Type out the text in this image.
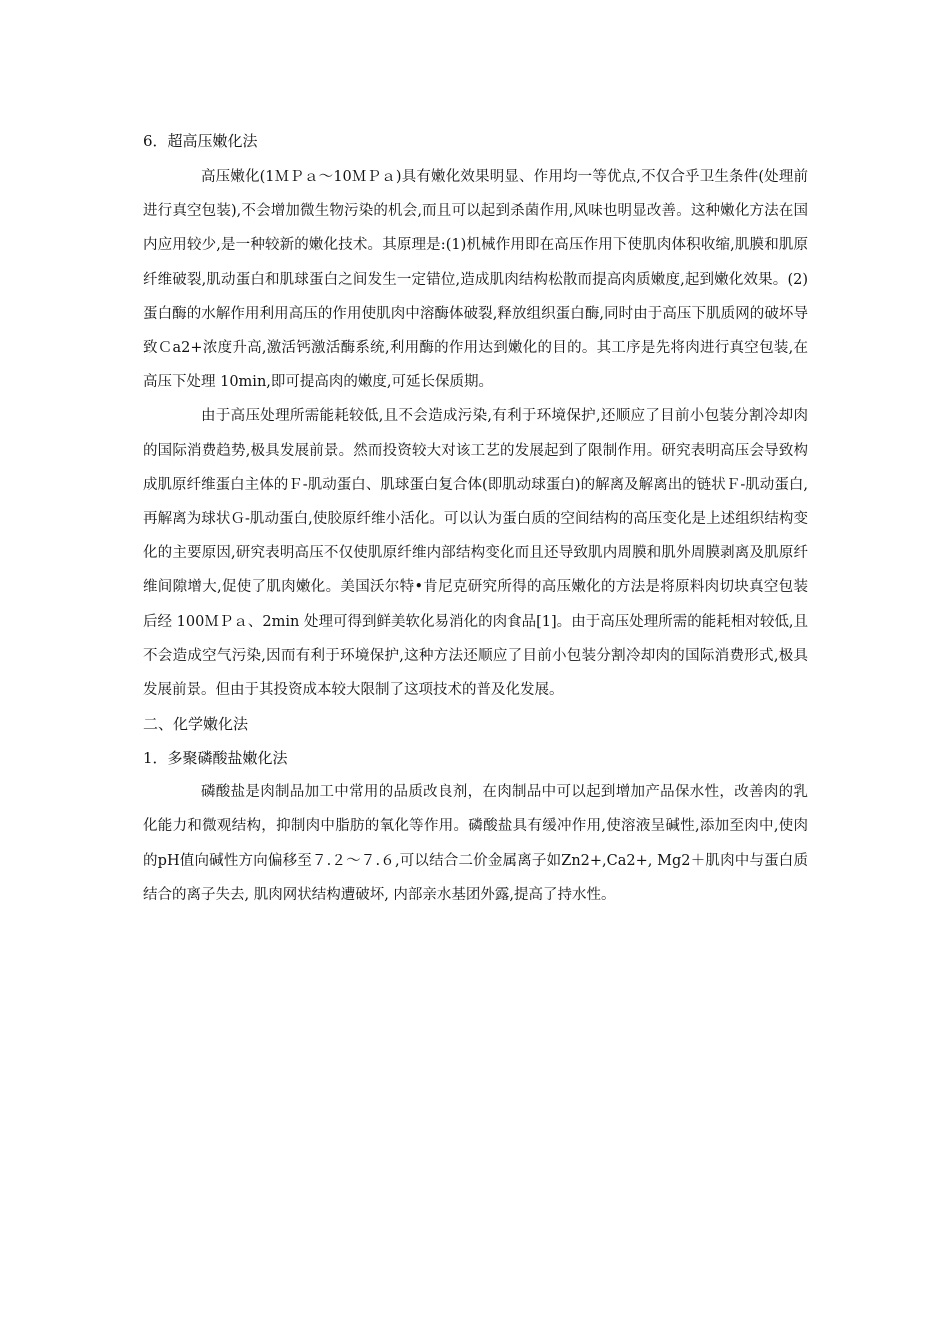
6．超高压嫩化法

高压嫩化(1ＭＰａ～10ＭＰａ)具有嫩化效果明显、作用均一等优点,不仅合乎卫生条件(处理前进行真空包装),不会增加微生物污染的机会,而且可以起到杀菌作用,风味也明显改善。这种嫩化方法在国内应用较少,是一种较新的嫩化技术。其原理是:(1)机械作用即在高压作用下使肌肉体积收缩,肌膜和肌原纤维破裂,肌动蛋白和肌球蛋白之间发生一定错位,造成肌肉结构松散而提高肉质嫩度,起到嫩化效果。(2)蛋白酶的水解作用利用高压的作用使肌肉中溶酶体破裂,释放组织蛋白酶,同时由于高压下肌质网的破坏导致Ｃa2+浓度升高,激活钙激活酶系统,利用酶的作用达到嫩化的目的。其工序是先将肉进行真空包装,在高压下处理 10min,即可提高肉的嫩度,可延长保质期。

由于高压处理所需能耗较低,且不会造成污染,有利于环境保护,还顺应了目前小包装分割冷却肉的国际消费趋势,极具发展前景。然而投资较大对该工艺的发展起到了限制作用。研究表明高压会导致构成肌原纤维蛋白主体的Ｆ-肌动蛋白、肌球蛋白复合体(即肌动球蛋白)的解离及解离出的链状Ｆ-肌动蛋白,再解离为球状Ｇ-肌动蛋白,使胶原纤维小活化。可以认为蛋白质的空间结构的高压变化是上述组织结构变化的主要原因,研究表明高压不仅使肌原纤维内部结构变化而且还导致肌内周膜和肌外周膜剥离及肌原纤维间隙增大,促使了肌肉嫩化。美国沃尔特•肯尼克研究所得的高压嫩化的方法是将原料肉切块真空包装后经 100ＭＰａ、2min 处理可得到鲜美软化易消化的肉食品[1]。由于高压处理所需的能耗相对较低,且不会造成空气污染,因而有利于环境保护,这种方法还顺应了目前小包装分割冷却肉的国际消费形式,极具发展前景。但由于其投资成本较大限制了这项技术的普及化发展。

二、化学嫩化法
1．多聚磷酸盐嫩化法

磷酸盐是肉制品加工中常用的品质改良剂，在肉制品中可以起到增加产品保水性，改善肉的乳化能力和微观结构，抑制肉中脂肪的氧化等作用。磷酸盐具有缓冲作用,使溶液呈碱性,添加至肉中,使肉的pH值向碱性方向偏移至７.２～７.６,可以结合二价金属离子如Zn2+,Ca2+, Mg2＋肌肉中与蛋白质结合的离子失去, 肌肉网状结构遭破坏, 内部亲水基团外露,提高了持水性。
